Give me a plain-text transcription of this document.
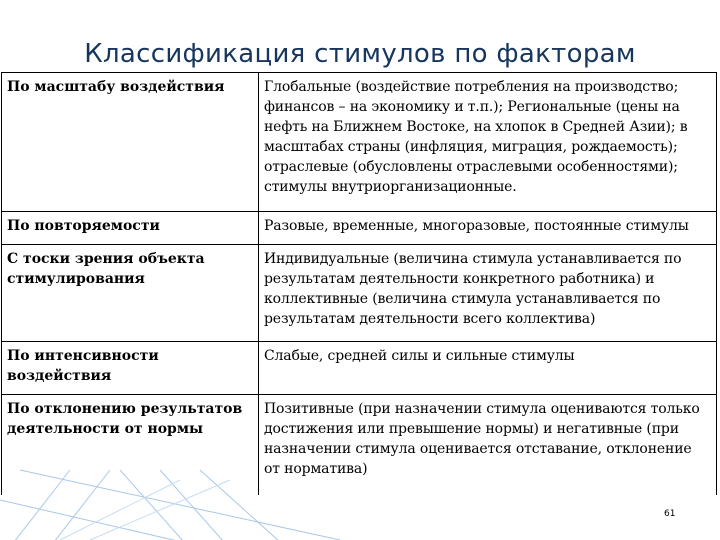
Классификация стимулов по факторам
По масштабу воздействия	Глобальные (воздействие потребления на производство; финансов – на экономику и т.п.); Региональные (цены на нефть на Ближнем Востоке, на хлопок в Средней Азии); в масштабах страны (инфляция, миграция, рождаемость); отраслевые (обусловлены отраслевыми особенностями); стимулы внутриорганизационные.
По повторяемости	Разовые, временные, многоразовые, постоянные стимулы
С тоски зрения объекта стимулирования	Индивидуальные (величина стимула устанавливается по результатам деятельности конкретного работника) и коллективные (величина стимула устанавливается по результатам деятельности всего коллектива)
По интенсивности воздействия	Слабые, средней силы и сильные стимулы
По отклонению результатов деятельности от нормы	Позитивные (при назначении стимула оцениваются только достижения или превышение нормы) и негативные (при назначении стимула оценивается отставание, отклонение от норматива)
61
